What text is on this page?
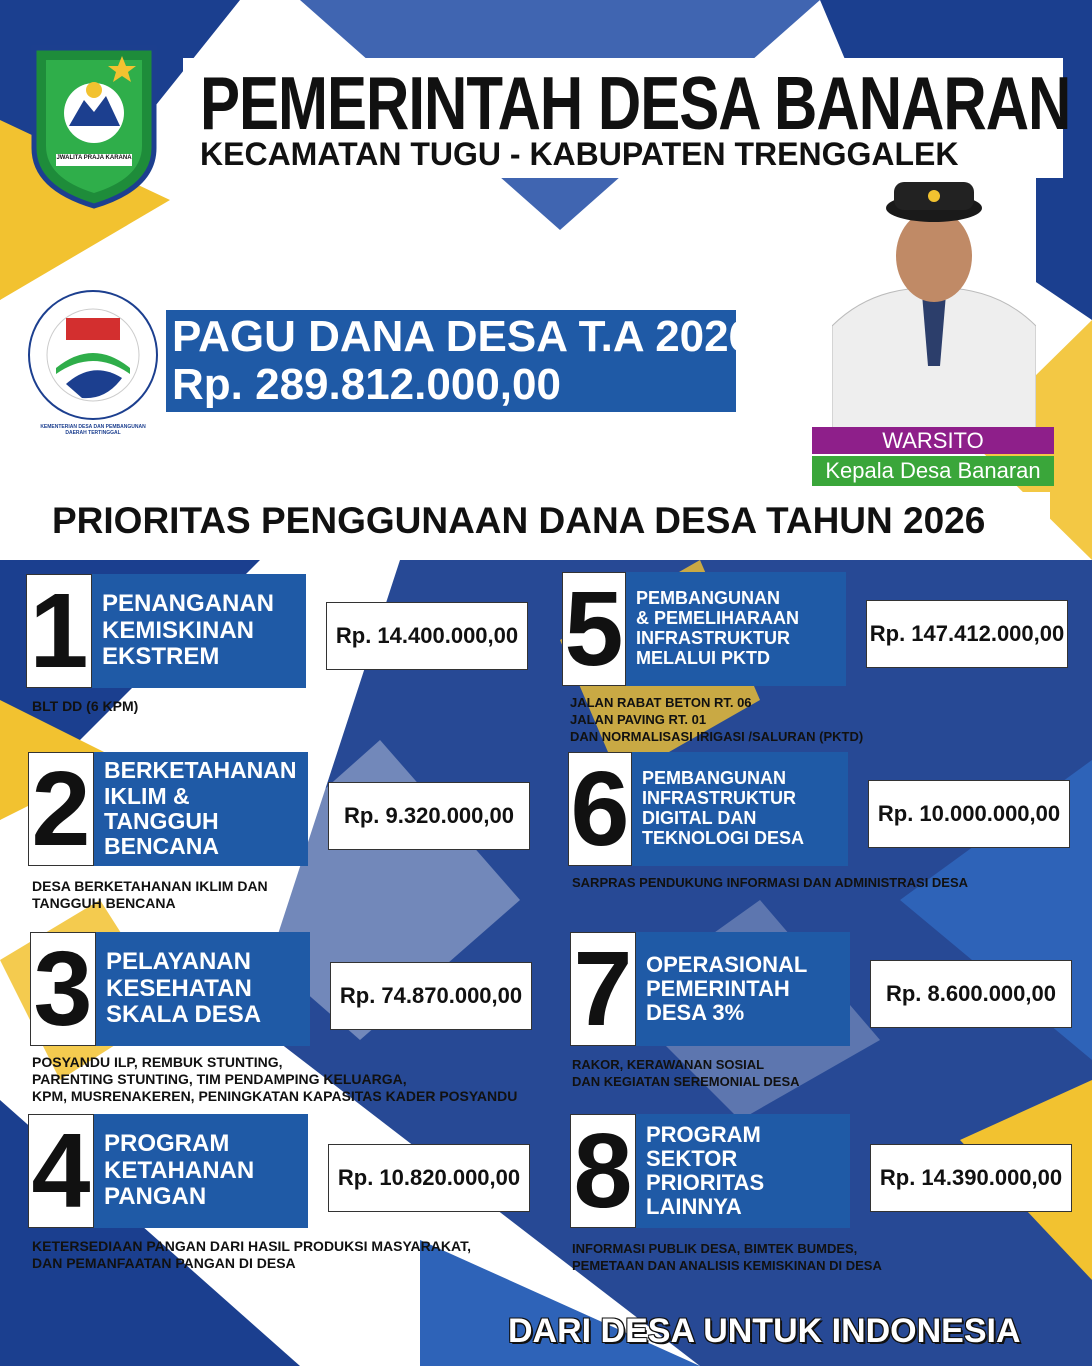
JWALITA PRAJA KARANA
PEMERINTAH DESA BANARAN
KECAMATAN TUGU - KABUPATEN TRENGGALEK
KEMENTERIAN DESA DAN PEMBANGUNAN DAERAH TERTINGGAL
PAGU DANA DESA T.A 2026
Rp. 289.812.000,00
WARSITO
Kepala Desa Banaran
PRIORITAS PENGGUNAAN DANA DESA TAHUN 2026
1 PENANGANAN
KEMISKINAN
EKSTREM
Rp. 14.400.000,00
BLT DD (6 KPM)
2 BERKETAHANAN
IKLIM & TANGGUH
BENCANA
Rp. 9.320.000,00
DESA BERKETAHANAN IKLIM DAN
TANGGUH BENCANA
3 PELAYANAN
KESEHATAN
SKALA DESA
Rp. 74.870.000,00
POSYANDU ILP, REMBUK STUNTING,
PARENTING STUNTING, TIM PENDAMPING KELUARGA,
KPM, MUSRENAKEREN, PENINGKATAN KAPASITAS KADER POSYANDU
4 PROGRAM
KETAHANAN
PANGAN
Rp. 10.820.000,00
KETERSEDIAAN PANGAN DARI HASIL PRODUKSI MASYARAKAT,
DAN PEMANFAATAN PANGAN DI DESA
5 PEMBANGUNAN
& PEMELIHARAAN
INFRASTRUKTUR
MELALUI PKTD
Rp. 147.412.000,00
JALAN RABAT BETON RT. 06
JALAN PAVING RT. 01
DAN NORMALISASI IRIGASI /SALURAN (PKTD)
6 PEMBANGUNAN
INFRASTRUKTUR
DIGITAL DAN
TEKNOLOGI DESA
Rp. 10.000.000,00
SARPRAS PENDUKUNG INFORMASI DAN ADMINISTRASI DESA
7 OPERASIONAL
PEMERINTAH
DESA 3%
Rp. 8.600.000,00
RAKOR, KERAWANAN SOSIAL
DAN KEGIATAN SEREMONIAL DESA
8 PROGRAM
SEKTOR
PRIORITAS
LAINNYA
Rp. 14.390.000,00
INFORMASI PUBLIK DESA, BIMTEK BUMDES,
PEMETAAN DAN ANALISIS KEMISKINAN DI DESA
DARI DESA UNTUK INDONESIA
